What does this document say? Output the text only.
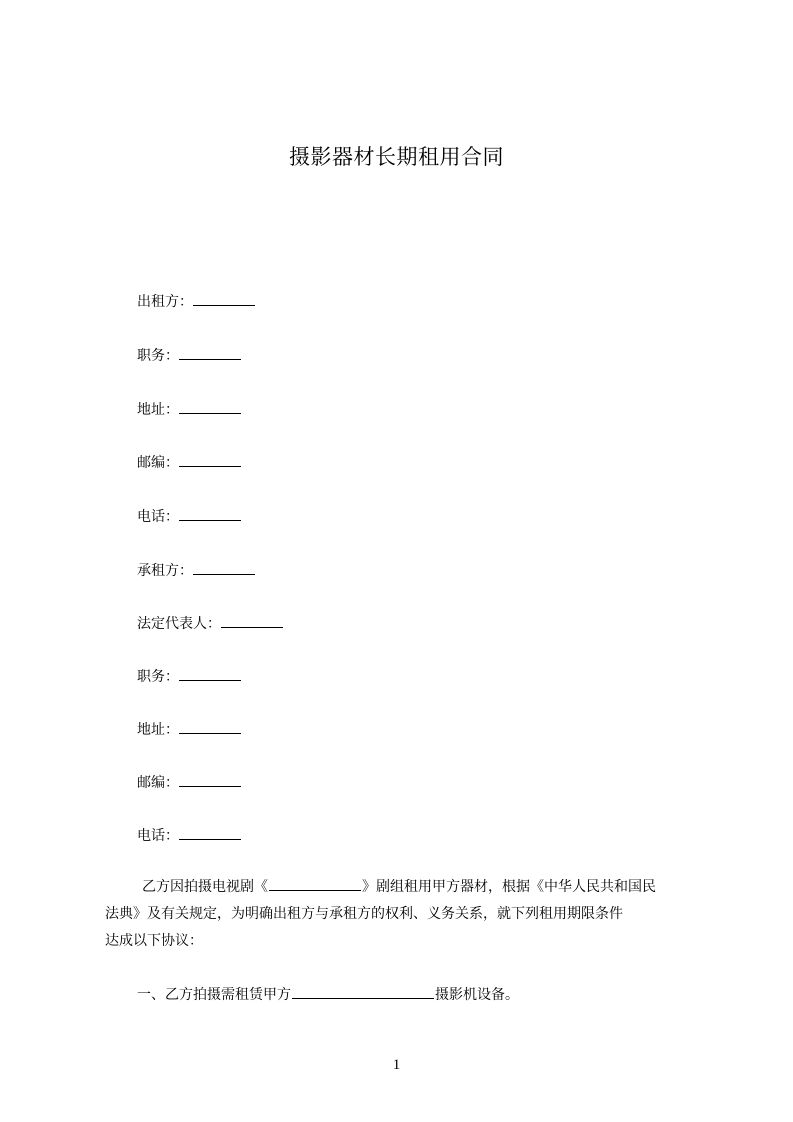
摄影器材长期租用合同
出租方：
职务：
地址：
邮编：
电话：
承租方：
法定代表人：
职务：
地址：
邮编：
电话：
乙方因拍摄电视剧《	》剧组租用甲方器材，根据《中华人民共和国民
法典》及有关规定，为明确出租方与承租方的权利、义务关系，就下列租用期限条件
达成以下协议：
一、乙方拍摄需租赁甲方	摄影机设备。
1
